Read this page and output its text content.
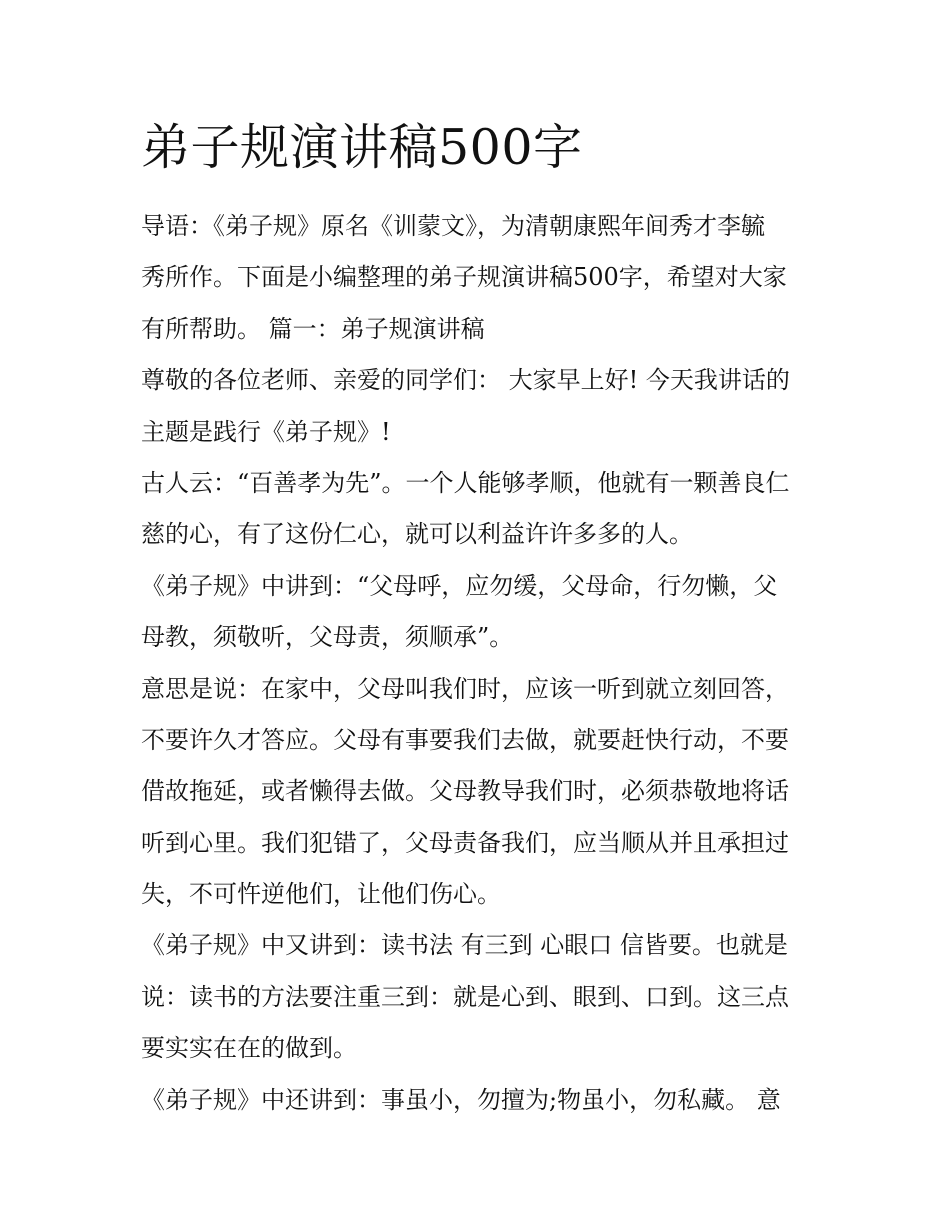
弟子规演讲稿500字

导语：《弟子规》原名《训蒙文》，为清朝康熙年间秀才李毓
秀所作。下面是小编整理的弟子规演讲稿500字，希望对大家
有所帮助。 篇一：弟子规演讲稿

尊敬的各位老师、亲爱的同学们： 大家早上好! 今天我讲话的
主题是践行《弟子规》!

古人云：“百善孝为先”。一个人能够孝顺，他就有一颗善良仁
慈的心，有了这份仁心，就可以利益许许多多的人。

《弟子规》中讲到：“父母呼，应勿缓，父母命，行勿懒，父
母教，须敬听，父母责，须顺承”。

意思是说：在家中，父母叫我们时，应该一听到就立刻回答，
不要许久才答应。父母有事要我们去做，就要赶快行动，不要
借故拖延，或者懒得去做。父母教导我们时，必须恭敬地将话
听到心里。我们犯错了，父母责备我们，应当顺从并且承担过
失，不可忤逆他们，让他们伤心。

《弟子规》中又讲到：读书法 有三到 心眼口 信皆要。也就是
说：读书的方法要注重三到：就是心到、眼到、口到。这三点
要实实在在的做到。

《弟子规》中还讲到：事虽小，勿擅为;物虽小，勿私藏。 意
